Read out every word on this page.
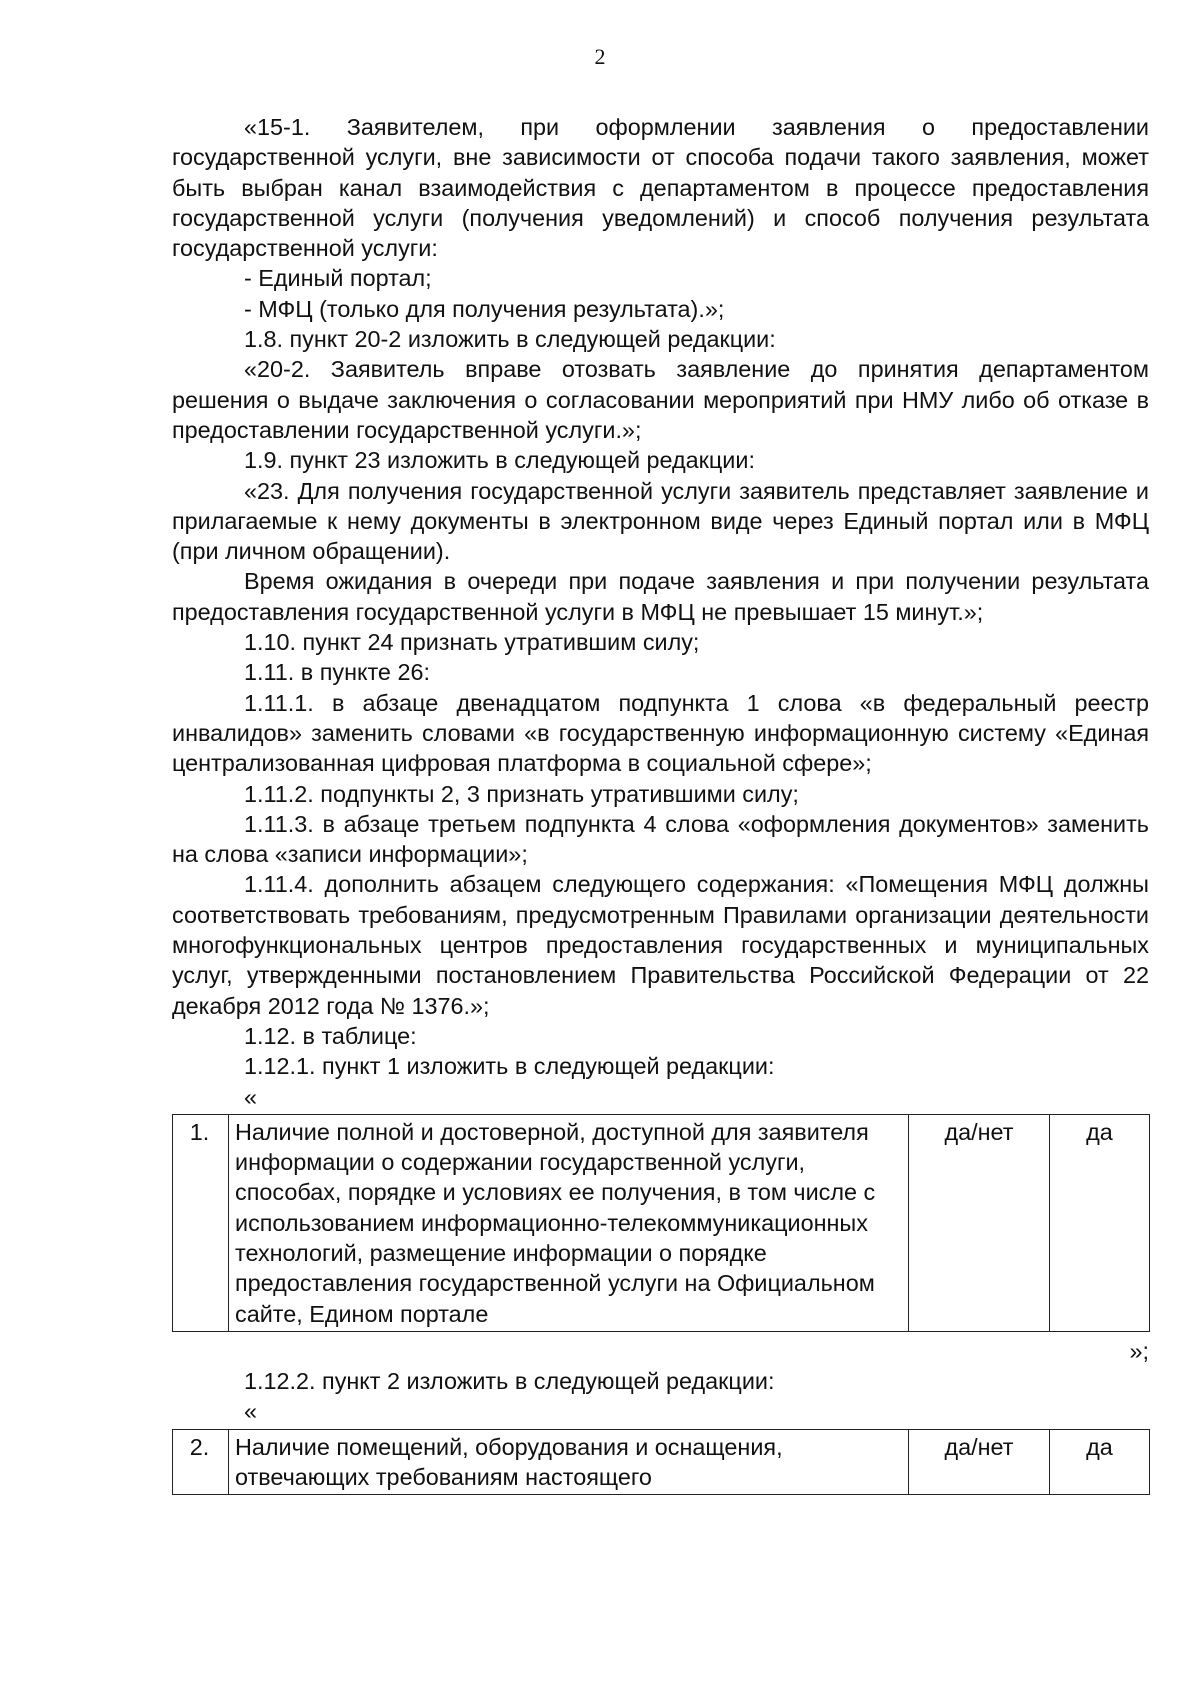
2

«15-1. Заявителем, при оформлении заявления о предоставлении государственной услуги, вне зависимости от способа подачи такого заявления, может быть выбран канал взаимодействия с департаментом в процессе предоставления государственной услуги (получения уведомлений) и способ получения результата государственной услуги:

- Единый портал;

- МФЦ (только для получения результата).»;

1.8. пункт 20-2 изложить в следующей редакции:

«20-2. Заявитель вправе отозвать заявление до принятия департаментом решения о выдаче заключения о согласовании мероприятий при НМУ либо об отказе в предоставлении государственной услуги.»;

1.9. пункт 23 изложить в следующей редакции:

«23. Для получения государственной услуги заявитель представляет заявление и прилагаемые к нему документы в электронном виде через Единый портал или в МФЦ (при личном обращении).

Время ожидания в очереди при подаче заявления и при получении результата предоставления государственной услуги в МФЦ не превышает 15 минут.»;

1.10. пункт 24 признать утратившим силу;

1.11. в пункте 26:

1.11.1. в абзаце двенадцатом подпункта 1 слова «в федеральный реестр инвалидов» заменить словами «в государственную информационную систему «Единая централизованная цифровая платформа в социальной сфере»;

1.11.2. подпункты 2, 3 признать утратившими силу;

1.11.3. в абзаце третьем подпункта 4 слова «оформления документов» заменить на слова «записи информации»;

1.11.4. дополнить абзацем следующего содержания: «Помещения МФЦ должны соответствовать требованиям, предусмотренным Правилами организации деятельности многофункциональных центров предоставления государственных и муниципальных услуг, утвержденными постановлением Правительства Российской Федерации от 22 декабря 2012 года № 1376.»;

1.12. в таблице:

1.12.1. пункт 1 изложить в следующей редакции:

«

1.	Наличие полной и достоверной, доступной для заявителя информации о содержании государственной услуги, способах, порядке и условиях ее получения, в том числе с использованием информационно-телекоммуникационных технологий, размещение информации о порядке предоставления государственной услуги на Официальном сайте, Едином портале	да/нет	да

»;

1.12.2. пункт 2 изложить в следующей редакции:

«

2.	Наличие помещений, оборудования и оснащения, отвечающих требованиям настоящего	да/нет	да
